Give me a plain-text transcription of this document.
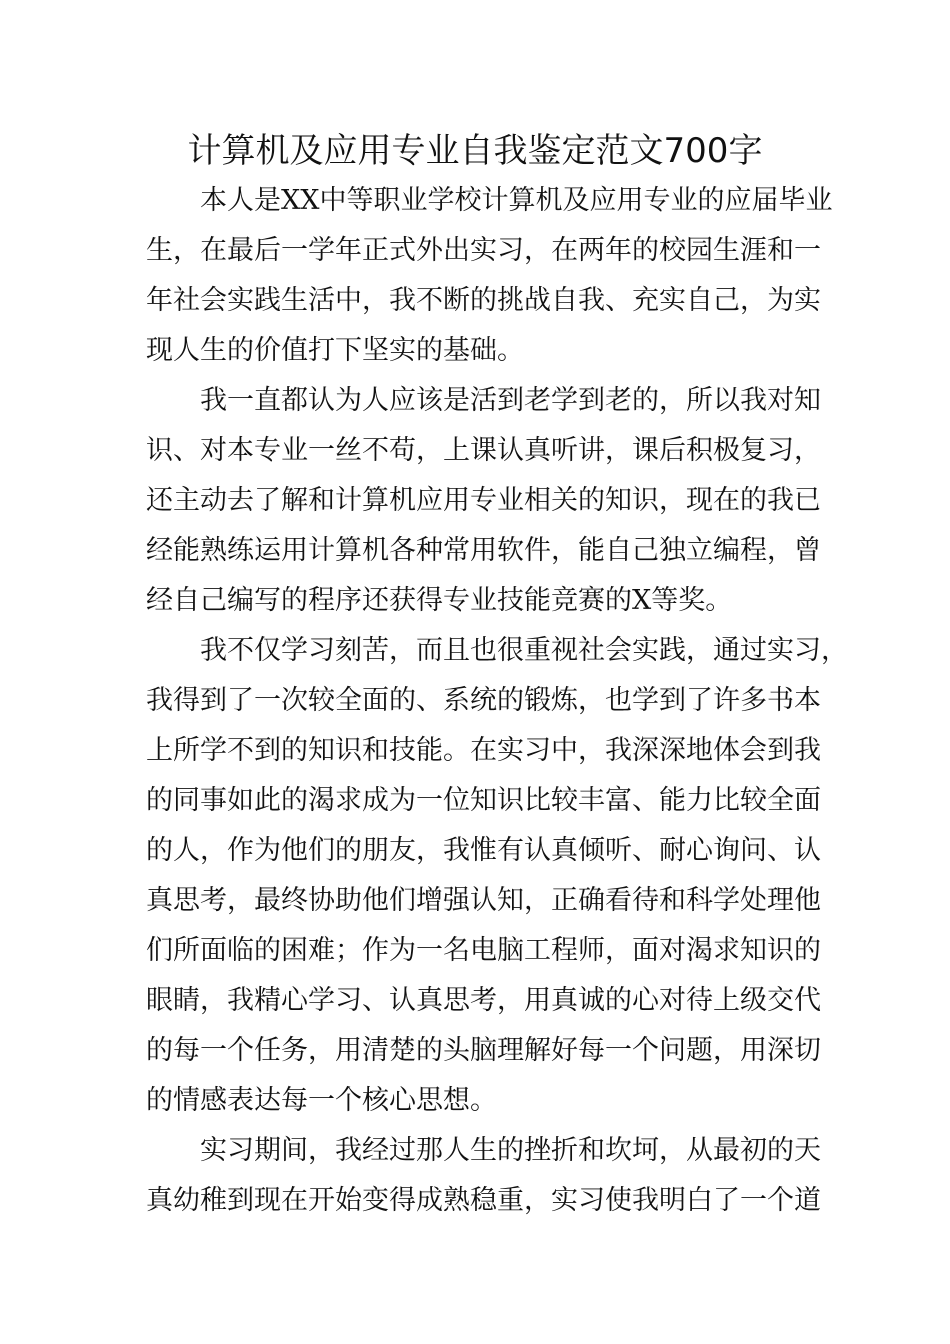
计算机及应用专业自我鉴定范文700字
本人是XX中等职业学校计算机及应用专业的应届毕业
生，在最后一学年正式外出实习，在两年的校园生涯和一
年社会实践生活中，我不断的挑战自我、充实自己，为实
现人生的价值打下坚实的基础。
我一直都认为人应该是活到老学到老的，所以我对知
识、对本专业一丝不苟，上课认真听讲，课后积极复习，
还主动去了解和计算机应用专业相关的知识，现在的我已
经能熟练运用计算机各种常用软件，能自己独立编程，曾
经自己编写的程序还获得专业技能竞赛的X等奖。
我不仅学习刻苦，而且也很重视社会实践，通过实习，
我得到了一次较全面的、系统的锻炼，也学到了许多书本
上所学不到的知识和技能。在实习中，我深深地体会到我
的同事如此的渴求成为一位知识比较丰富、能力比较全面
的人，作为他们的朋友，我惟有认真倾听、耐心询问、认
真思考，最终协助他们增强认知，正确看待和科学处理他
们所面临的困难；作为一名电脑工程师，面对渴求知识的
眼睛，我精心学习、认真思考，用真诚的心对待上级交代
的每一个任务，用清楚的头脑理解好每一个问题，用深切
的情感表达每一个核心思想。
实习期间，我经过那人生的挫折和坎坷，从最初的天
真幼稚到现在开始变得成熟稳重，实习使我明白了一个道
